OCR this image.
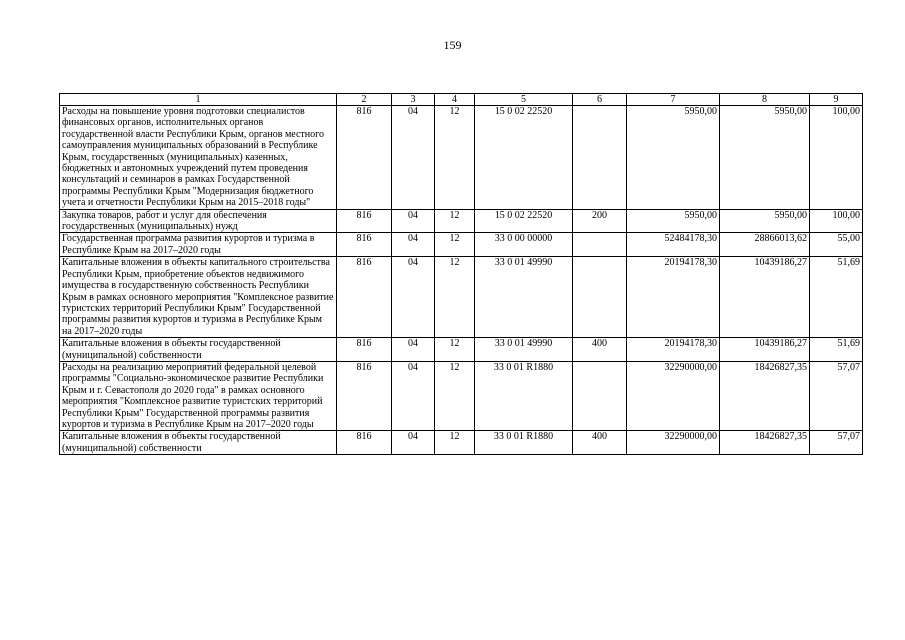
159
1	2	3	4	5	6	7	8	9
Расходы на повышение уровня подготовки специалистов финансовых органов, исполнительных органов государственной власти Республики Крым, органов местного самоуправления муниципальных образований в Республике Крым, государственных (муниципальных) казенных, бюджетных и автономных учреждений путем проведения консультаций и семинаров в рамках Государственной программы Республики Крым "Модернизация бюджетного учета и отчетности Республики Крым на 2015–2018 годы"	816	04	12	15 0 02 22520		5950,00	5950,00	100,00
Закупка товаров, работ и услуг для обеспечения государственных (муниципальных) нужд	816	04	12	15 0 02 22520	200	5950,00	5950,00	100,00
Государственная программа развития курортов и туризма в Республике Крым на 2017–2020 годы	816	04	12	33 0 00 00000		52484178,30	28866013,62	55,00
Капитальные вложения в объекты капитального строительства Республики Крым, приобретение объектов недвижимого имущества в государственную собственность Республики Крым в рамках основного мероприятия "Комплексное развитие туристских территорий Республики Крым" Государственной программы развития курортов и туризма в Республике Крым на 2017–2020 годы	816	04	12	33 0 01 49990		20194178,30	10439186,27	51,69
Капитальные вложения в объекты государственной (муниципальной) собственности	816	04	12	33 0 01 49990	400	20194178,30	10439186,27	51,69
Расходы на реализацию мероприятий федеральной целевой программы "Социально-экономическое развитие Республики Крым и г. Севастополя до 2020 года" в рамках основного мероприятия "Комплексное развитие туристских территорий Республики Крым" Государственной программы развития курортов и туризма в Республике Крым на 2017–2020 годы	816	04	12	33 0 01 R1880		32290000,00	18426827,35	57,07
Капитальные вложения в объекты государственной (муниципальной) собственности	816	04	12	33 0 01 R1880	400	32290000,00	18426827,35	57,07
